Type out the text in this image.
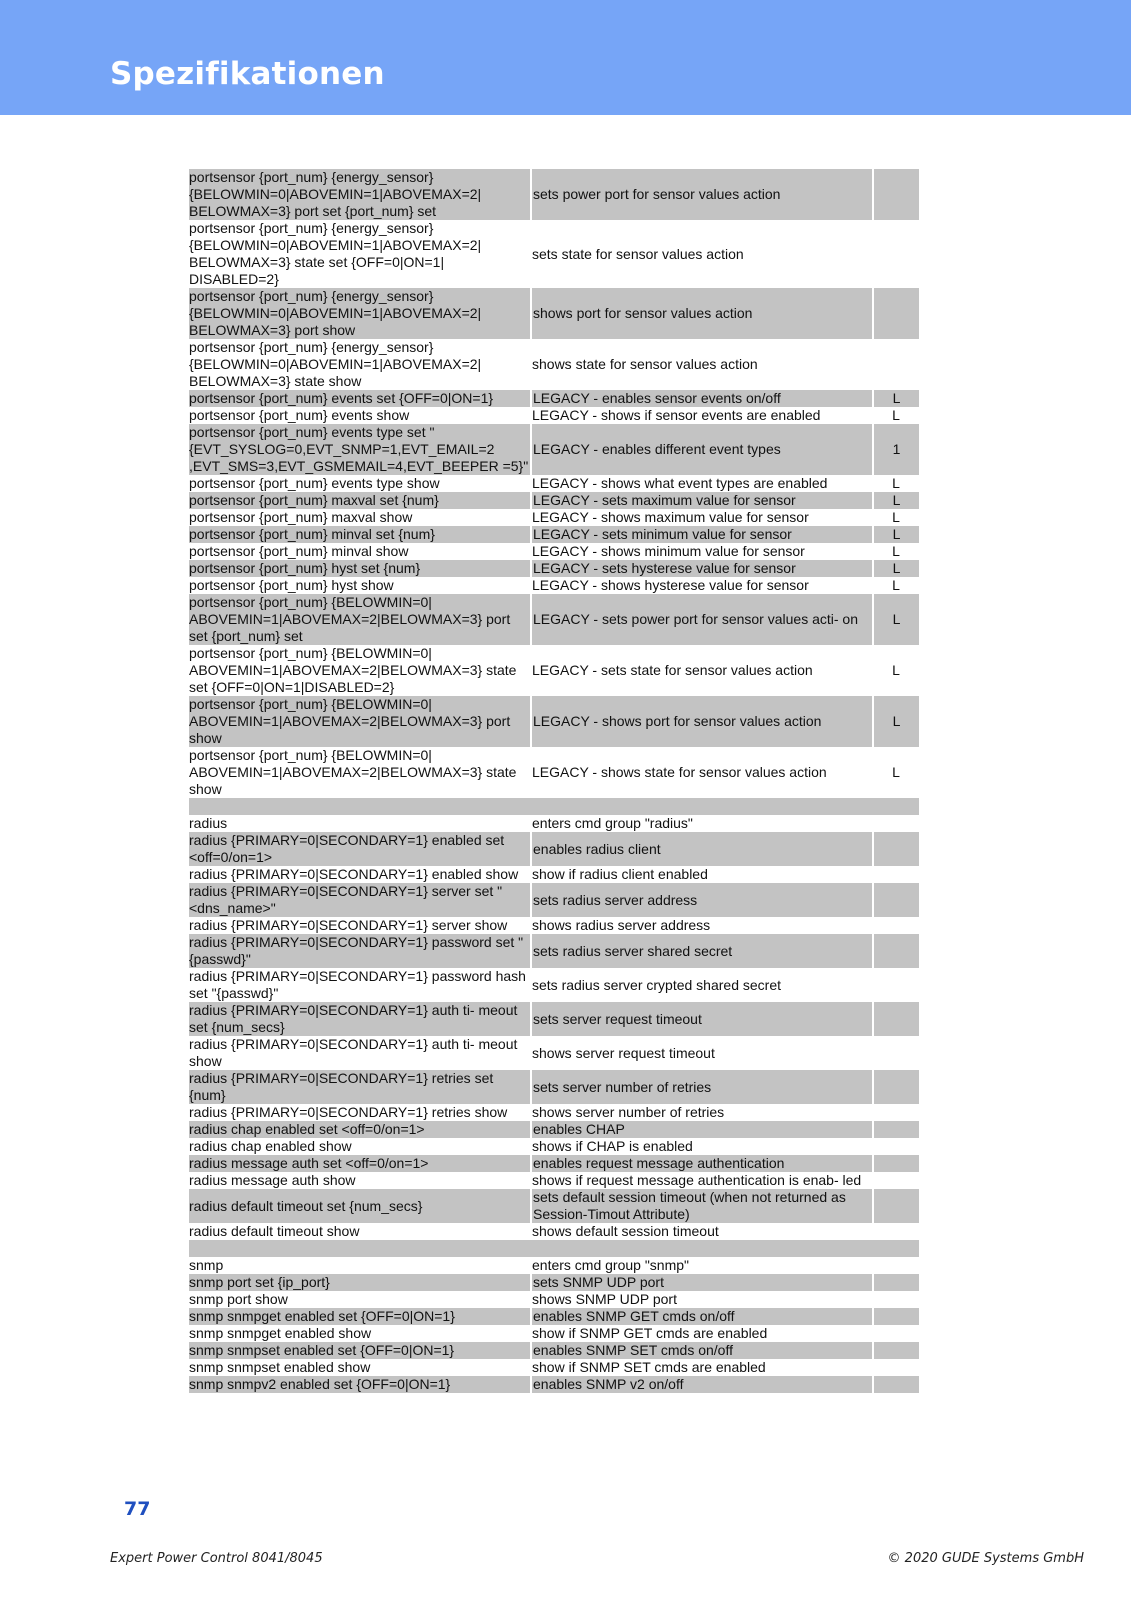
Spezifikationen
portsensor {port_num} {energy_sensor} {BELOWMIN=0|ABOVEMIN=1|ABOVEMAX=2| BELOWMAX=3} port set {port_num} set	sets power port for sensor values action	
portsensor {port_num} {energy_sensor} {BELOWMIN=0|ABOVEMIN=1|ABOVEMAX=2| BELOWMAX=3} state set {OFF=0|ON=1| DISABLED=2}	sets state for sensor values action	
portsensor {port_num} {energy_sensor} {BELOWMIN=0|ABOVEMIN=1|ABOVEMAX=2| BELOWMAX=3} port show	shows port for sensor values action	
portsensor {port_num} {energy_sensor} {BELOWMIN=0|ABOVEMIN=1|ABOVEMAX=2| BELOWMAX=3} state show	shows state for sensor values action	
portsensor {port_num} events set {OFF=0|ON=1}	LEGACY - enables sensor events on/off	L
portsensor {port_num} events show	LEGACY - shows if sensor events are enabled	L
portsensor {port_num} events type set "{EVT_SYSLOG=0,EVT_SNMP=1,EVT_EMAIL=2 ,EVT_SMS=3,EVT_GSMEMAIL=4,EVT_BEEPER =5}"	LEGACY - enables different event types	1
portsensor {port_num} events type show	LEGACY - shows what event types are enabled	L
portsensor {port_num} maxval set {num}	LEGACY - sets maximum value for sensor	L
portsensor {port_num} maxval show	LEGACY - shows maximum value for sensor	L
portsensor {port_num} minval set {num}	LEGACY - sets minimum value for sensor	L
portsensor {port_num} minval show	LEGACY - shows minimum value for sensor	L
portsensor {port_num} hyst set {num}	LEGACY - sets hysterese value for sensor	L
portsensor {port_num} hyst show	LEGACY - shows hysterese value for sensor	L
portsensor {port_num} {BELOWMIN=0| ABOVEMIN=1|ABOVEMAX=2|BELOWMAX=3} port set {port_num} set	LEGACY - sets power port for sensor values acti- on	L
portsensor {port_num} {BELOWMIN=0| ABOVEMIN=1|ABOVEMAX=2|BELOWMAX=3} state set {OFF=0|ON=1|DISABLED=2}	LEGACY - sets state for sensor values action	L
portsensor {port_num} {BELOWMIN=0| ABOVEMIN=1|ABOVEMAX=2|BELOWMAX=3} port show	LEGACY - shows port for sensor values action	L
portsensor {port_num} {BELOWMIN=0| ABOVEMIN=1|ABOVEMAX=2|BELOWMAX=3} state show	LEGACY - shows state for sensor values action	L

radius	enters cmd group "radius"	
radius {PRIMARY=0|SECONDARY=1} enabled set <off=0/on=1>	enables radius client	
radius {PRIMARY=0|SECONDARY=1} enabled show	show if radius client enabled	
radius {PRIMARY=0|SECONDARY=1} server set "<dns_name>"	sets radius server address	
radius {PRIMARY=0|SECONDARY=1} server show	shows radius server address	
radius {PRIMARY=0|SECONDARY=1} password set "{passwd}"	sets radius server shared secret	
radius {PRIMARY=0|SECONDARY=1} password hash set "{passwd}"	sets radius server crypted shared secret	
radius {PRIMARY=0|SECONDARY=1} auth ti- meout set {num_secs}	sets server request timeout	
radius {PRIMARY=0|SECONDARY=1} auth ti- meout show	shows server request timeout	
radius {PRIMARY=0|SECONDARY=1} retries set {num}	sets server number of retries	
radius {PRIMARY=0|SECONDARY=1} retries show	shows server number of retries	
radius chap enabled set <off=0/on=1>	enables CHAP	
radius chap enabled show	shows if CHAP is enabled	
radius message auth set <off=0/on=1>	enables request message authentication	
radius message auth show	shows if request message authentication is enab- led	
radius default timeout set {num_secs}	sets default session timeout (when not returned as Session-Timout Attribute)	
radius default timeout show	shows default session timeout	

snmp	enters cmd group "snmp"	
snmp port set {ip_port}	sets SNMP UDP port	
snmp port show	shows SNMP UDP port	
snmp snmpget enabled set {OFF=0|ON=1}	enables SNMP GET cmds on/off	
snmp snmpget enabled show	show if SNMP GET cmds are enabled	
snmp snmpset enabled set {OFF=0|ON=1}	enables SNMP SET cmds on/off	
snmp snmpset enabled show	show if SNMP SET cmds are enabled	
snmp snmpv2 enabled set {OFF=0|ON=1}	enables SNMP v2 on/off	
77
Expert Power Control 8041/8045	© 2020 GUDE Systems GmbH
